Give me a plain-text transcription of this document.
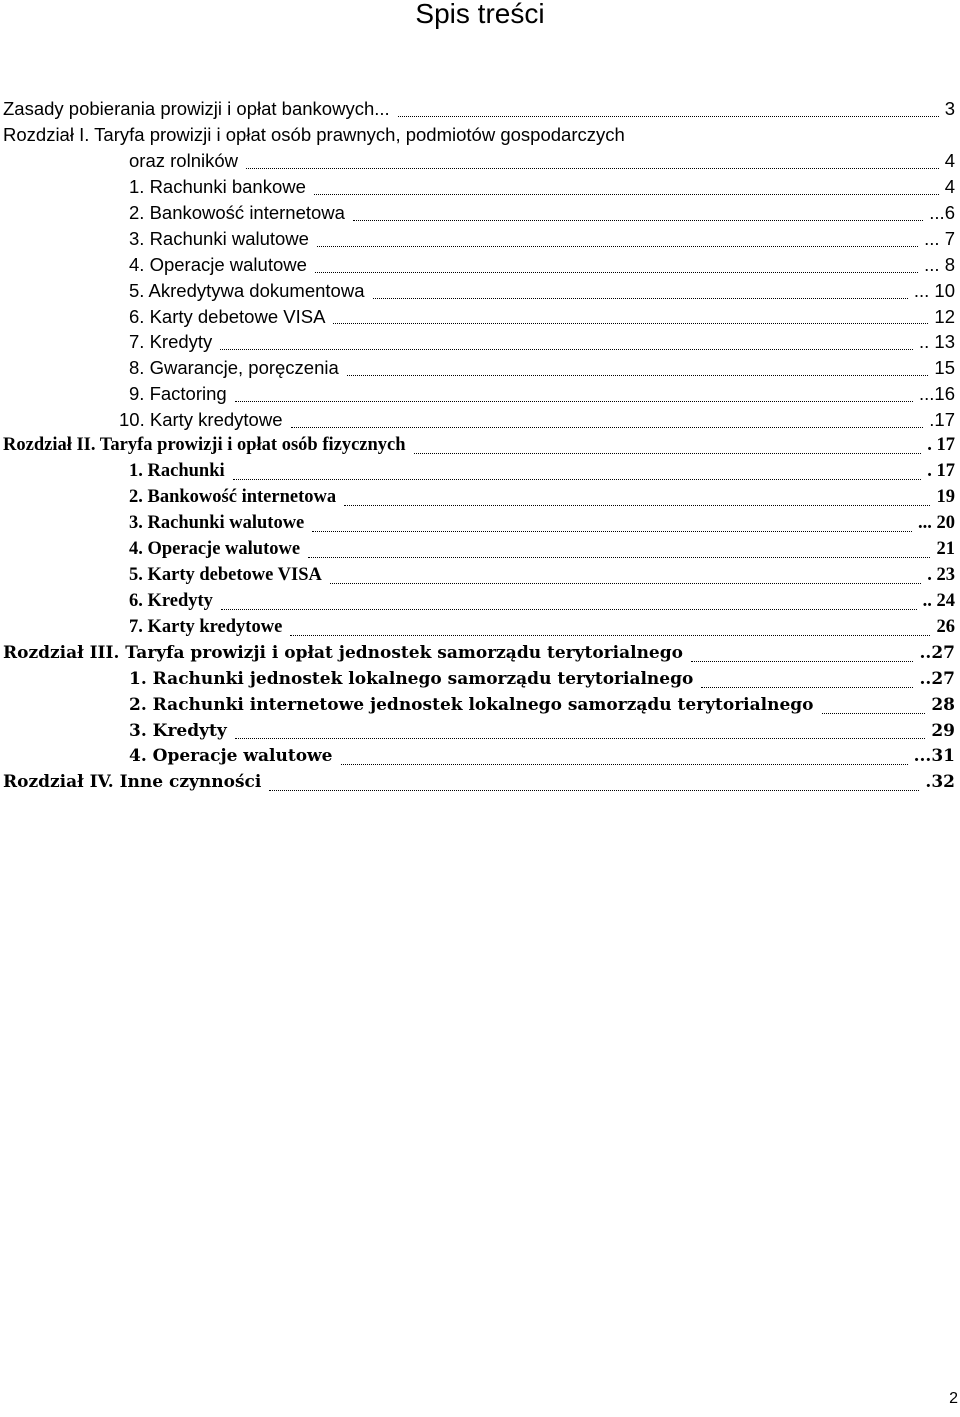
Spis treści
Zasady pobierania prowizji i opłat bankowych...	3
Rozdział I. Taryfa prowizji i opłat osób prawnych, podmiotów gospodarczych
oraz rolników	4
1. Rachunki bankowe	4
2. Bankowość internetowa	...6
3. Rachunki walutowe	... 7
4. Operacje walutowe	... 8
5. Akredytywa dokumentowa	... 10
6. Karty debetowe VISA	12
7. Kredyty	.. 13
8. Gwarancje, poręczenia	15
9. Factoring	...16
10. Karty kredytowe	.17
Rozdział II. Taryfa prowizji i opłat osób fizycznych	. 17
1. Rachunki	. 17
2. Bankowość internetowa	19
3. Rachunki walutowe	... 20
4. Operacje walutowe	21
5. Karty debetowe VISA	. 23
6. Kredyty	.. 24
7. Karty kredytowe	26
Rozdział III. Taryfa prowizji i opłat jednostek samorządu terytorialnego	..27
1. Rachunki jednostek lokalnego samorządu terytorialnego	..27
2. Rachunki internetowe jednostek lokalnego samorządu terytorialnego	28
3. Kredyty	29
4. Operacje walutowe	...31
Rozdział IV. Inne czynności	.32
2
